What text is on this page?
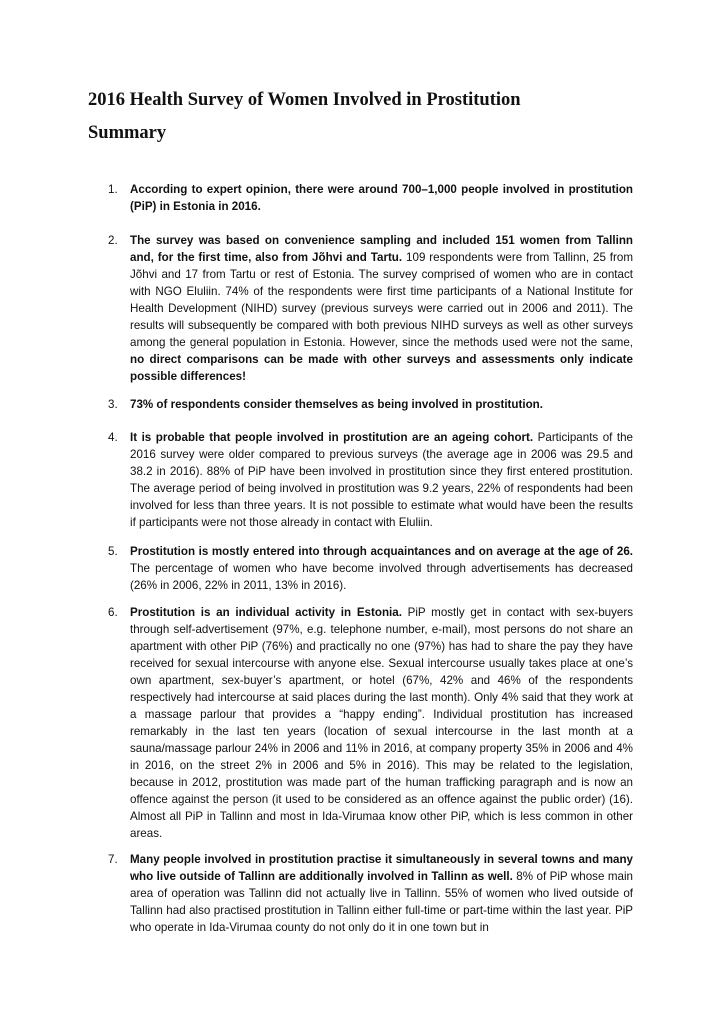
2016 Health Survey of Women Involved in Prostitution
Summary
1.	According to expert opinion, there were around 700–1,000 people involved in prostitution (PiP) in Estonia in 2016.

2.	The survey was based on convenience sampling and included 151 women from Tallinn and, for the first time, also from Jõhvi and Tartu. 109 respondents were from Tallinn, 25 from Jõhvi and 17 from Tartu or rest of Estonia. The survey comprised of women who are in contact with NGO Eluliin. 74% of the respondents were first time participants of a National Institute for Health Development (NIHD) survey (previous surveys were carried out in 2006 and 2011). The results will subsequently be compared with both previous NIHD surveys as well as other surveys among the general population in Estonia. However, since the methods used were not the same, no direct comparisons can be made with other surveys and assessments only indicate possible differences!

3.	73% of respondents consider themselves as being involved in prostitution.

4.	It is probable that people involved in prostitution are an ageing cohort. Participants of the 2016 survey were older compared to previous surveys (the average age in 2006 was 29.5 and 38.2 in 2016). 88% of PiP have been involved in prostitution since they first entered prostitution. The average period of being involved in prostitution was 9.2 years, 22% of respondents had been involved for less than three years. It is not possible to estimate what would have been the results if participants were not those already in contact with Eluliin.

5.	Prostitution is mostly entered into through acquaintances and on average at the age of 26. The percentage of women who have become involved through advertisements has decreased (26% in 2006, 22% in 2011, 13% in 2016).

6.	Prostitution is an individual activity in Estonia. PiP mostly get in contact with sex-buyers through self-advertisement (97%, e.g. telephone number, e-mail), most persons do not share an apartment with other PiP (76%) and practically no one (97%) has had to share the pay they have received for sexual intercourse with anyone else. Sexual intercourse usually takes place at one’s own apartment, sex-buyer’s apartment, or hotel (67%, 42% and 46% of the respondents respectively had intercourse at said places during the last month). Only 4% said that they work at a massage parlour that provides a “happy ending”. Individual prostitution has increased remarkably in the last ten years (location of sexual intercourse in the last month at a sauna/massage parlour 24% in 2006 and 11% in 2016, at company property 35% in 2006 and 4% in 2016, on the street 2% in 2006 and 5% in 2016). This may be related to the legislation, because in 2012, prostitution was made part of the human trafficking paragraph and is now an offence against the person (it used to be considered as an offence against the public order) (16). Almost all PiP in Tallinn and most in Ida-Virumaa know other PiP, which is less common in other areas.

7.	Many people involved in prostitution practise it simultaneously in several towns and many who live outside of Tallinn are additionally involved in Tallinn as well. 8% of PiP whose main area of operation was Tallinn did not actually live in Tallinn. 55% of women who lived outside of Tallinn had also practised prostitution in Tallinn either full-time or part-time within the last year. PiP who operate in Ida-Virumaa county do not only do it in one town but in
